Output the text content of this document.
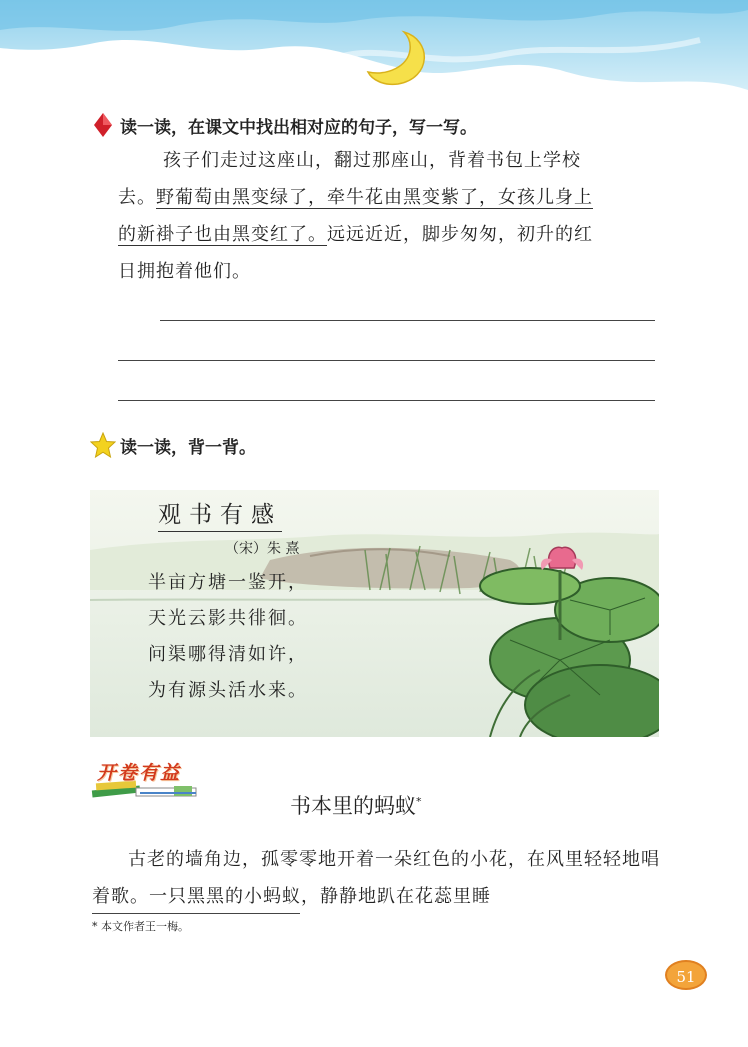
读一读，在课文中找出相对应的句子，写一写。
孩子们走过这座山，翻过那座山，背着书包上学校
去。野葡萄由黑变绿了，牵牛花由黑变紫了，女孩儿身上
的新褂子也由黑变红了。远远近近，脚步匆匆，初升的红
日拥抱着他们。
读一读，背一背。
观书有感
（宋）朱 熹
半亩方塘一鉴开，
天光云影共徘徊。
问渠哪得清如许，
为有源头活水来。
开卷有益
书本里的蚂蚁*
古老的墙角边，孤零零地开着一朵红色的小花，在风里轻轻地唱着歌。一只黑黑的小蚂蚁，静静地趴在花蕊里睡
* 本文作者王一梅。
51
